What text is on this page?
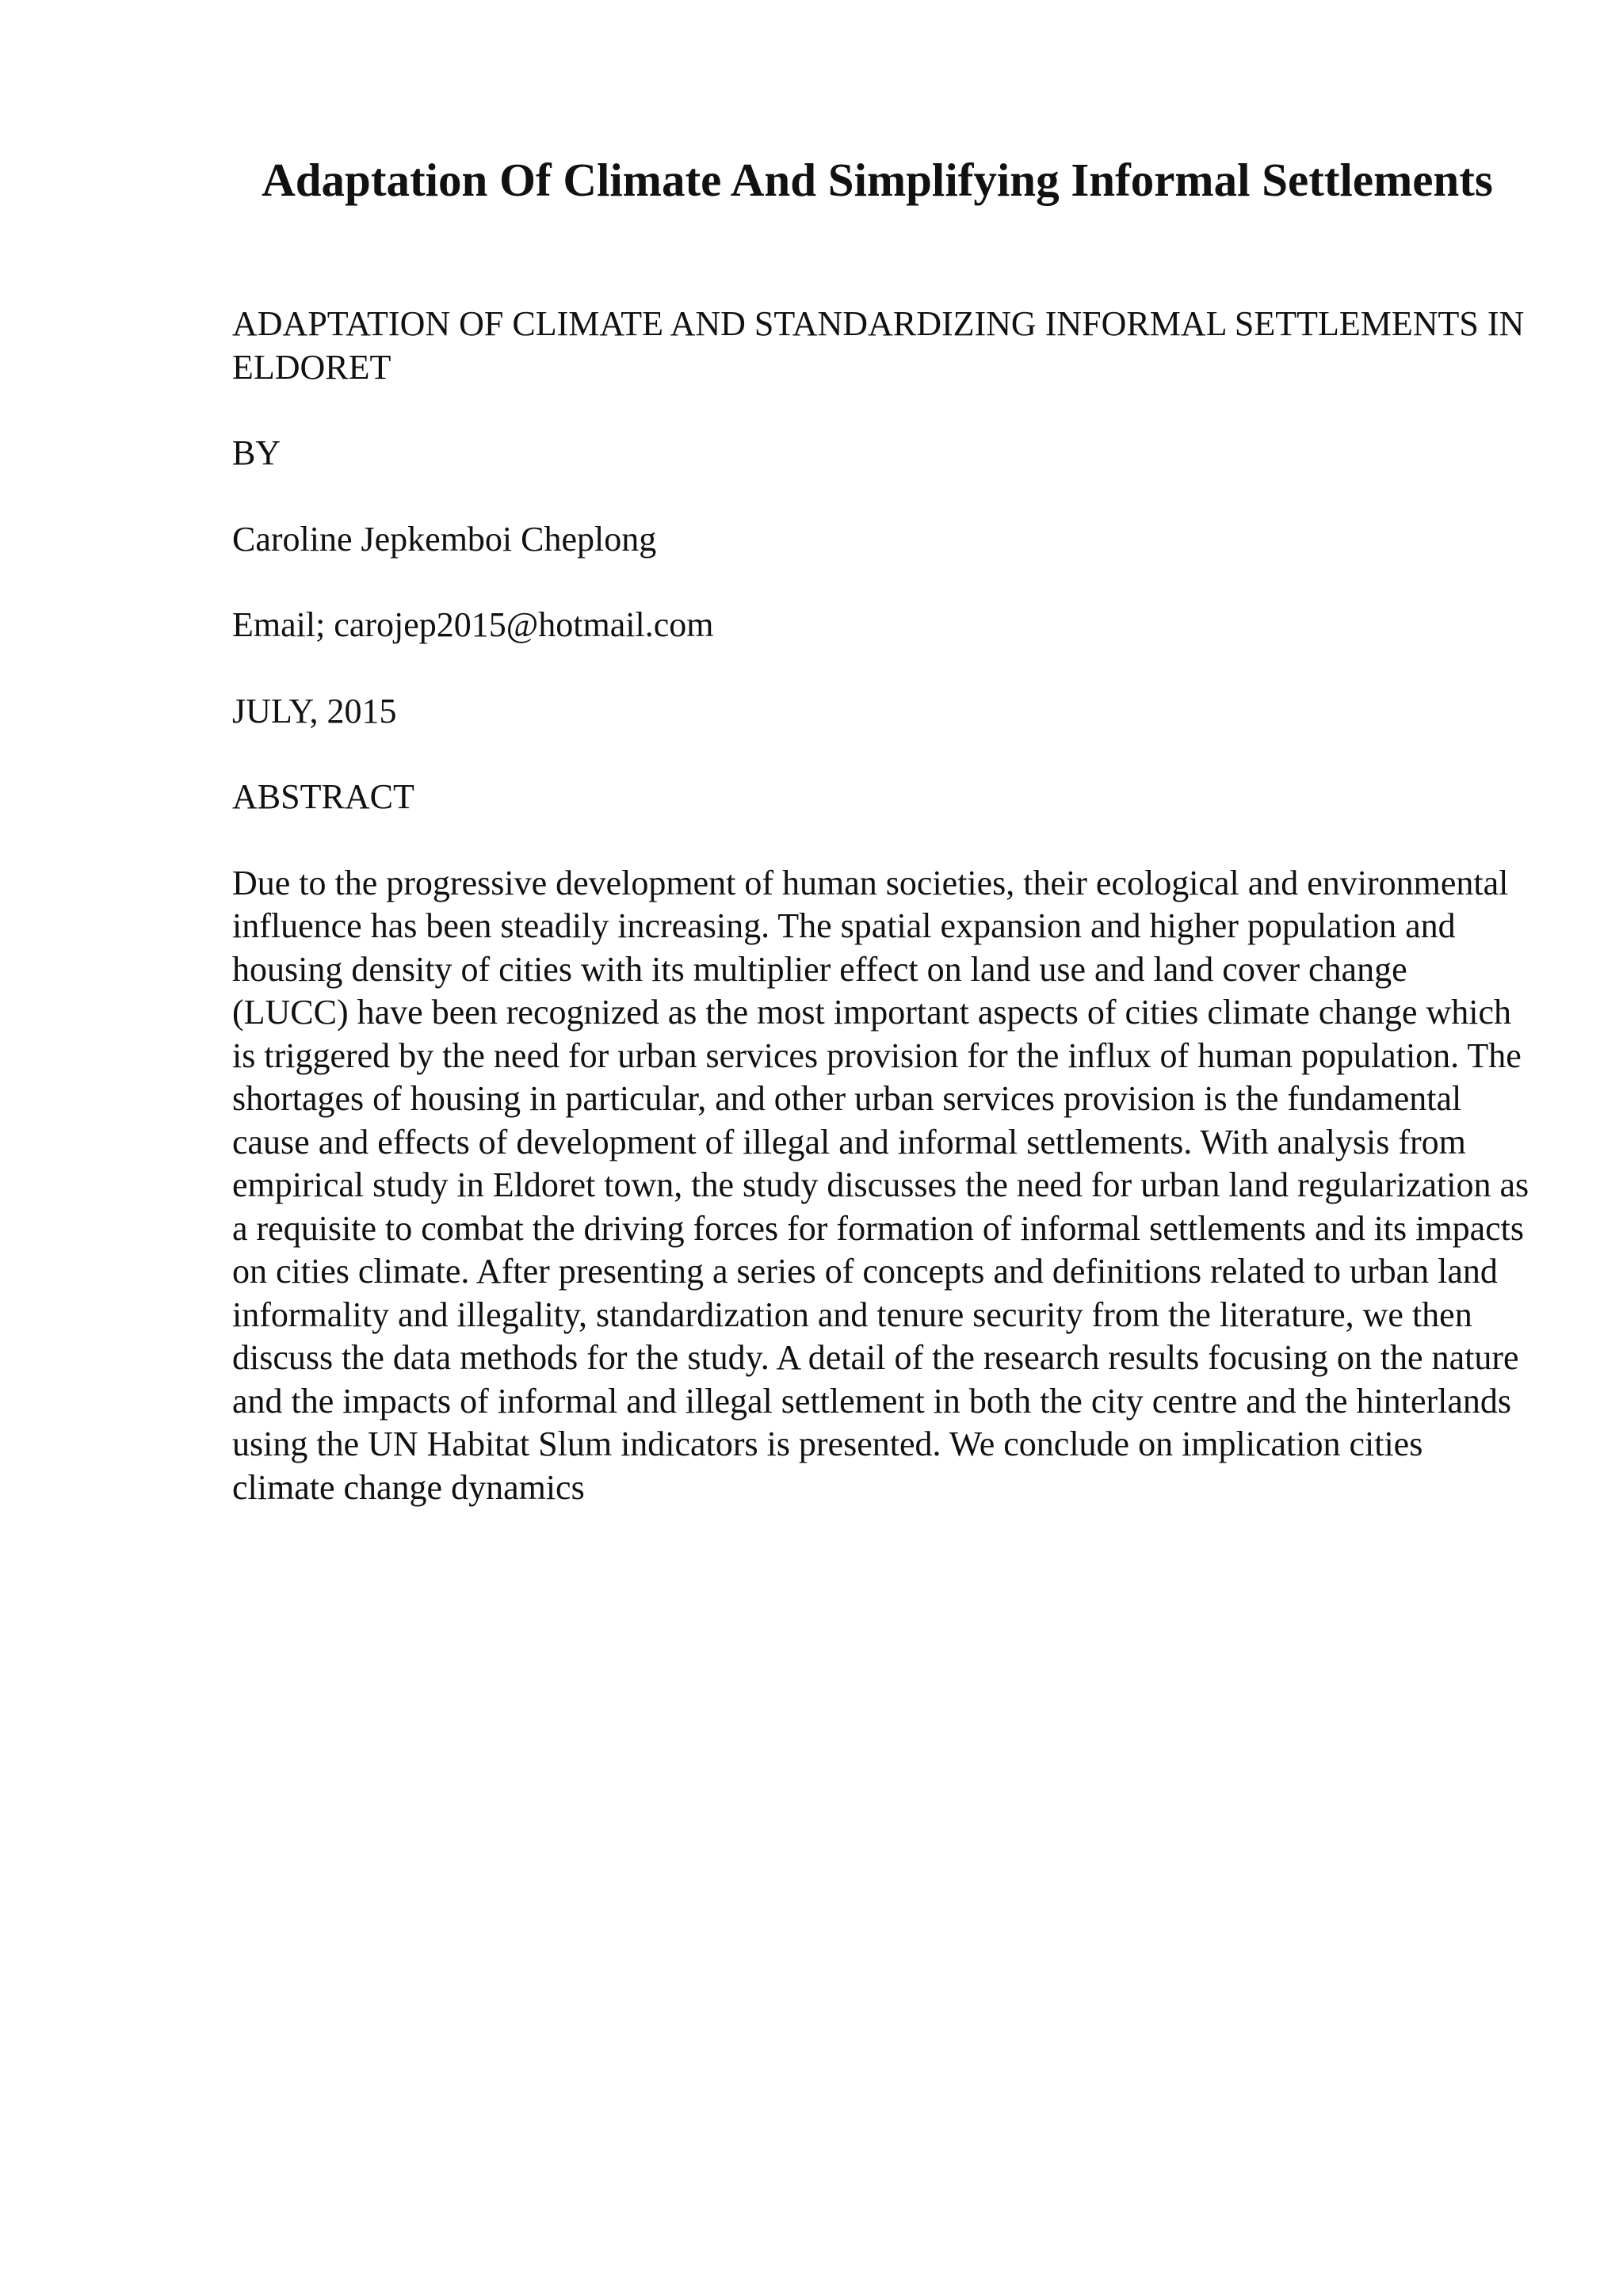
Adaptation Of Climate And Simplifying Informal Settlements

ADAPTATION OF CLIMATE AND STANDARDIZING INFORMAL SETTLEMENTS IN ELDORET

BY

Caroline Jepkemboi Cheplong

Email; carojep2015@hotmail.com

JULY, 2015

ABSTRACT

Due to the progressive development of human societies, their ecological and environmental influence has been steadily increasing. The spatial expansion and higher population and housing density of cities with its multiplier effect on land use and land cover change (LUCC) have been recognized as the most important aspects of cities climate change which is triggered by the need for urban services provision for the influx of human population. The shortages of housing in particular, and other urban services provision is the fundamental cause and effects of development of illegal and informal settlements. With analysis from empirical study in Eldoret town, the study discusses the need for urban land regularization as a requisite to combat the driving forces for formation of informal settlements and its impacts on cities climate. After presenting a series of concepts and definitions related to urban land informality and illegality, standardization and tenure security from the literature, we then discuss the data methods for the study. A detail of the research results focusing on the nature and the impacts of informal and illegal settlement in both the city centre and the hinterlands using the UN Habitat Slum indicators is presented. We conclude on implication cities climate change dynamics
